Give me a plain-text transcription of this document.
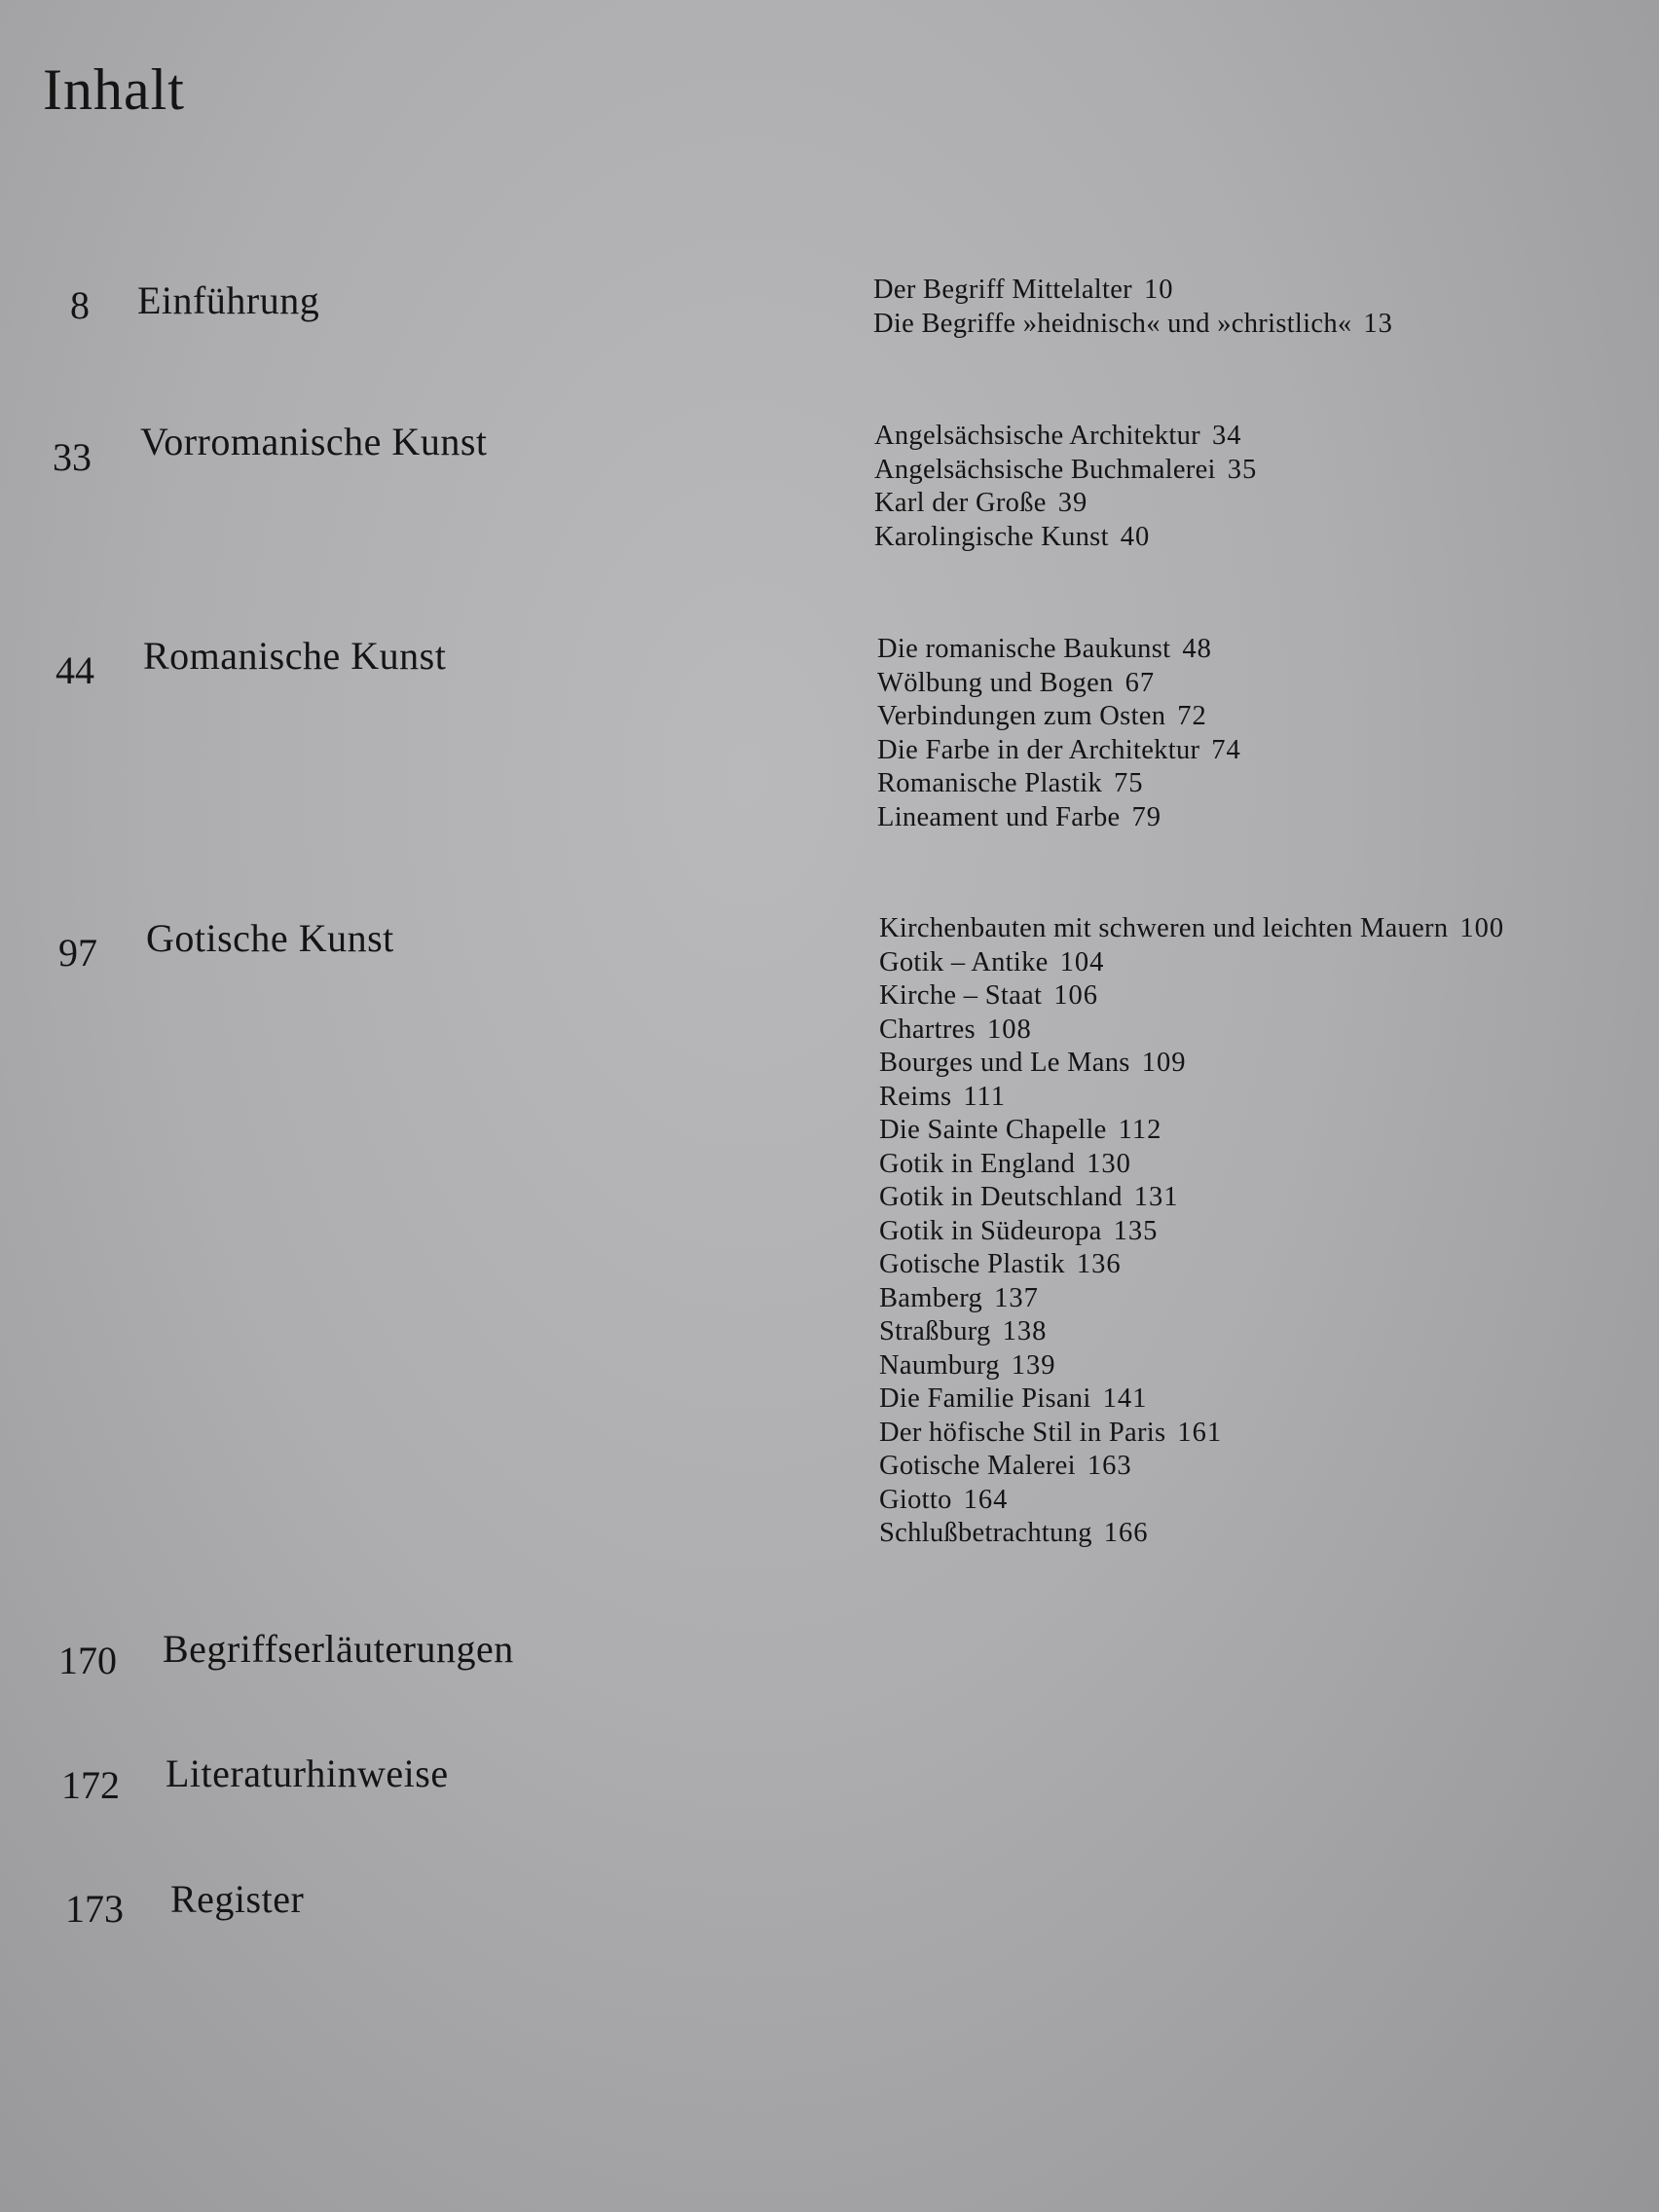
Inhalt
8	Einführung	Der Begriff Mittelalter 10
Die Begriffe »heidnisch« und »christlich« 13
33	Vorromanische Kunst	Angelsächsische Architektur 34
Angelsächsische Buchmalerei 35
Karl der Große 39
Karolingische Kunst 40
44	Romanische Kunst	Die romanische Baukunst 48
Wölbung und Bogen 67
Verbindungen zum Osten 72
Die Farbe in der Architektur 74
Romanische Plastik 75
Lineament und Farbe 79
97	Gotische Kunst	Kirchenbauten mit schweren und leichten Mauern 100
Gotik – Antike 104
Kirche – Staat 106
Chartres 108
Bourges und Le Mans 109
Reims 111
Die Sainte Chapelle 112
Gotik in England 130
Gotik in Deutschland 131
Gotik in Südeuropa 135
Gotische Plastik 136
Bamberg 137
Straßburg 138
Naumburg 139
Die Familie Pisani 141
Der höfische Stil in Paris 161
Gotische Malerei 163
Giotto 164
Schlußbetrachtung 166
170	Begriffserläuterungen
172	Literaturhinweise
173	Register
